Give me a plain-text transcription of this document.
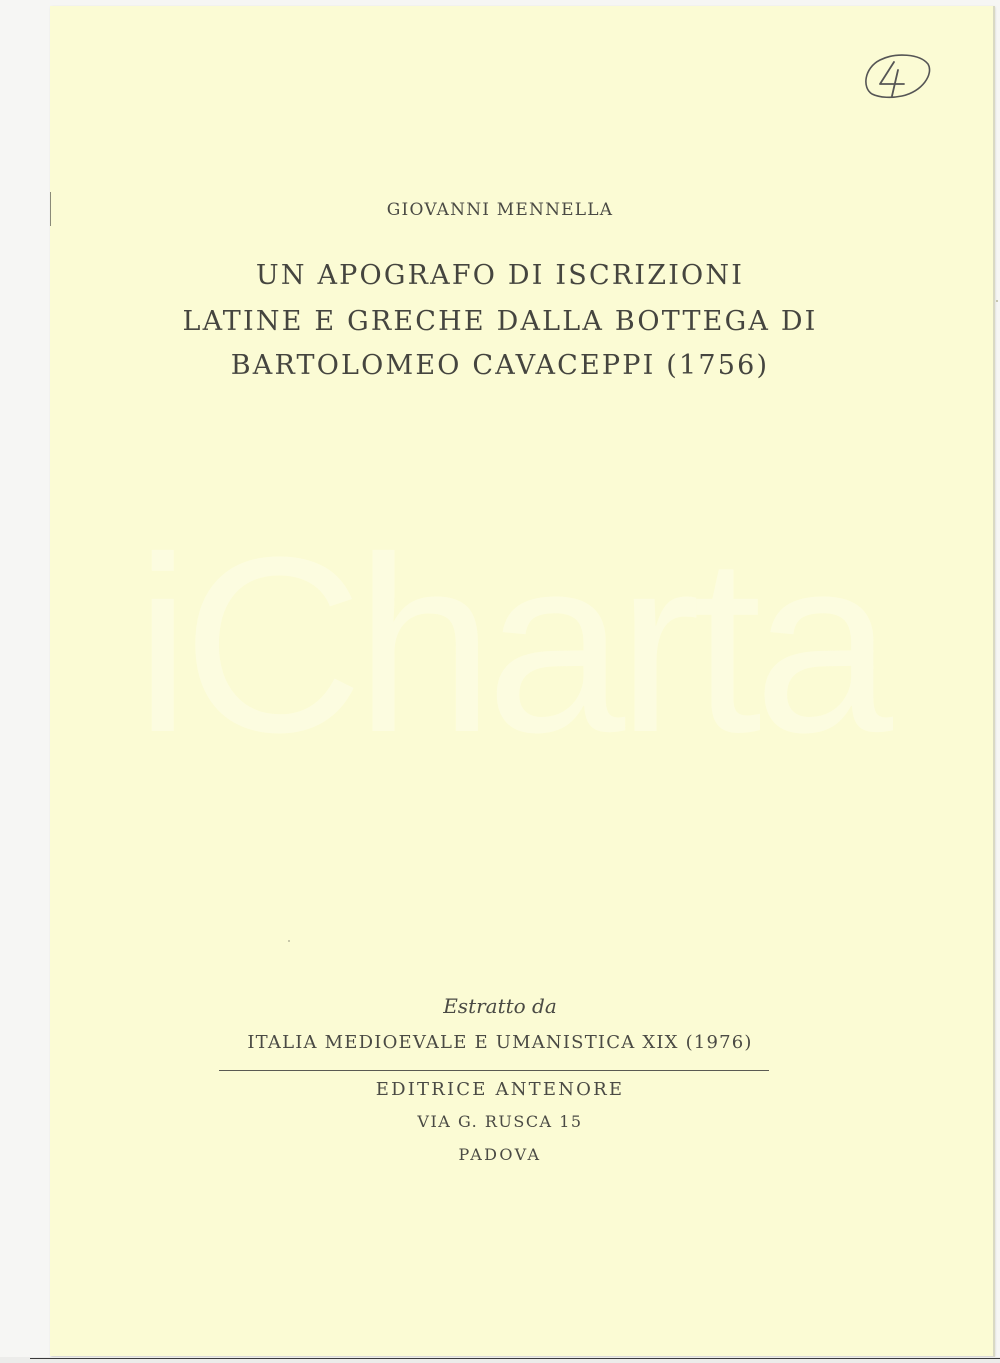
GIOVANNI MENNELLA
UN APOGRAFO DI ISCRIZIONI
LATINE E GRECHE DALLA BOTTEGA DI
BARTOLOMEO CAVACEPPI (1756)
iCharta
Estratto da
ITALIA MEDIOEVALE E UMANISTICA XIX (1976)
EDITRICE ANTENORE
VIA G. RUSCA 15
PADOVA
